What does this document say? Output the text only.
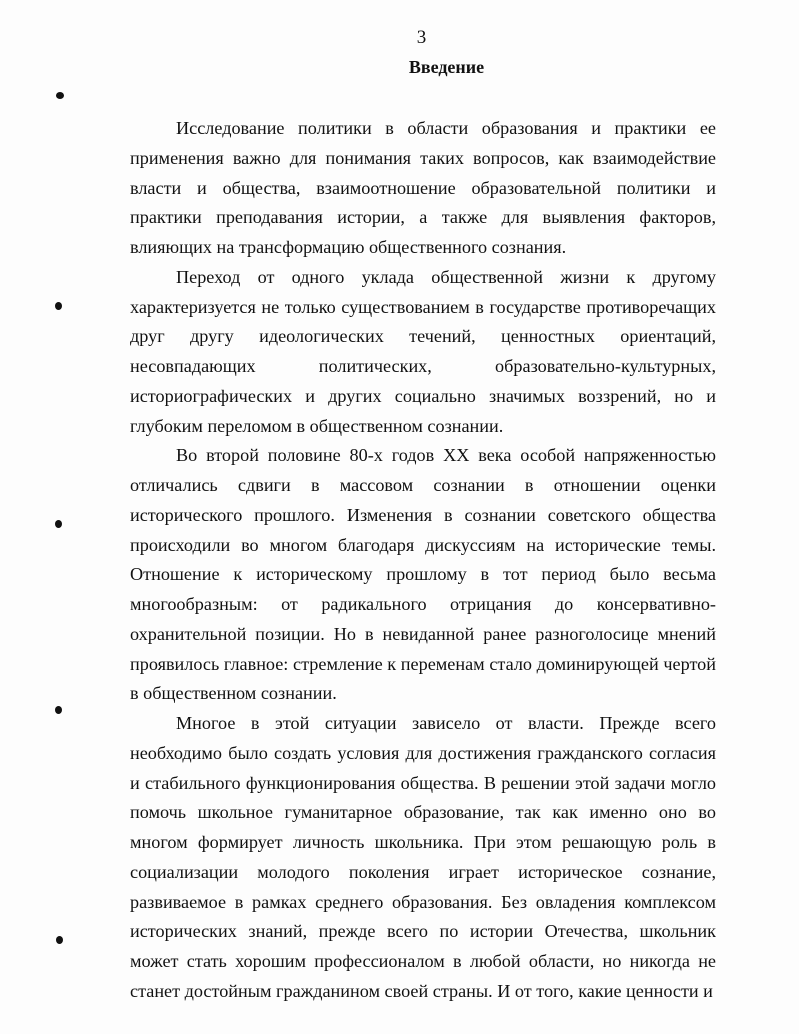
3
Введение

Исследование политики в области образования и практики ее применения важно для понимания таких вопросов, как взаимодействие власти и общества, взаимоотношение образовательной политики и практики преподавания истории, а также для выявления факторов, влияющих на трансформацию общественного сознания.

Переход от одного уклада общественной жизни к другому характеризуется не только существованием в государстве противоречащих друг другу идеологических течений, ценностных ориентаций, несовпадающих политических, образовательно-культурных, историографических и других социально значимых воззрений, но и глубоким переломом в общественном сознании.

Во второй половине 80-х годов XX века особой напряженностью отличались сдвиги в массовом сознании в отношении оценки исторического прошлого. Изменения в сознании советского общества происходили во многом благодаря дискуссиям на исторические темы. Отношение к историческому прошлому в тот период было весьма многообразным: от радикального отрицания до консервативно-охранительной позиции. Но в невиданной ранее разноголосице мнений проявилось главное: стремление к переменам стало доминирующей чертой в общественном сознании.

Многое в этой ситуации зависело от власти. Прежде всего необходимо было создать условия для достижения гражданского согласия и стабильного функционирования общества. В решении этой задачи могло помочь школьное гуманитарное образование, так как именно оно во многом формирует личность школьника. При этом решающую роль в социализации молодого поколения играет историческое сознание, развиваемое в рамках среднего образования. Без овладения комплексом исторических знаний, прежде всего по истории Отечества, школьник может стать хорошим профессионалом в любой области, но никогда не станет достойным гражданином своей страны. И от того, какие ценности и
